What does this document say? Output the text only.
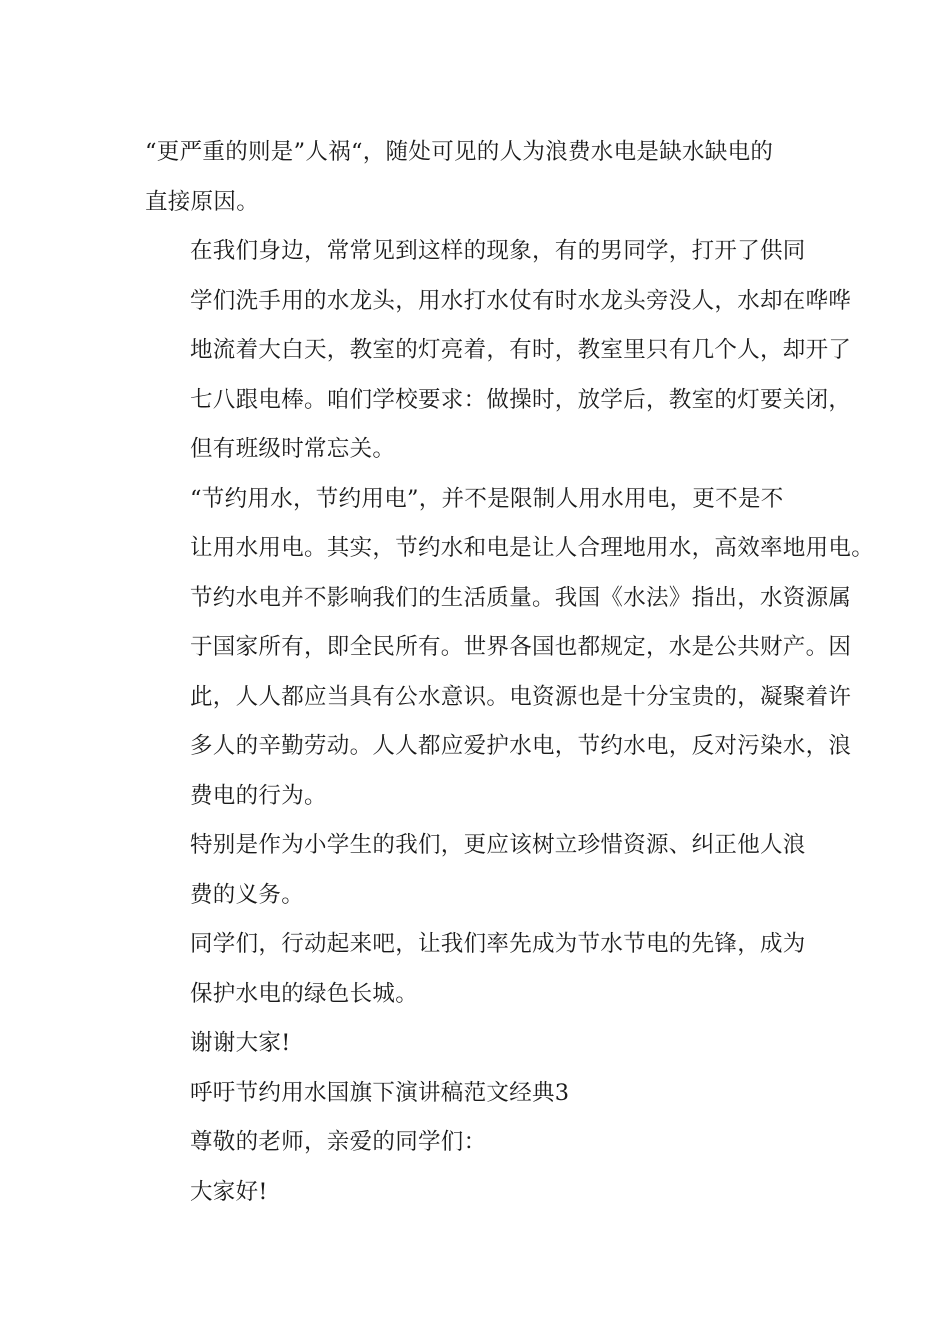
“更严重的则是”人祸“，随处可见的人为浪费水电是缺水缺电的
直接原因。

在我们身边，常常见到这样的现象，有的男同学，打开了供同
学们洗手用的水龙头，用水打水仗有时水龙头旁没人，水却在哗哗
地流着大白天，教室的灯亮着，有时，教室里只有几个人，却开了
七八跟电棒。咱们学校要求：做操时，放学后，教室的灯要关闭，
但有班级时常忘关。

“节约用水，节约用电”，并不是限制人用水用电，更不是不
让用水用电。其实，节约水和电是让人合理地用水，高效率地用电。
节约水电并不影响我们的生活质量。我国《水法》指出，水资源属
于国家所有，即全民所有。世界各国也都规定，水是公共财产。因
此，人人都应当具有公水意识。电资源也是十分宝贵的，凝聚着许
多人的辛勤劳动。人人都应爱护水电，节约水电，反对污染水，浪
费电的行为。

特别是作为小学生的我们，更应该树立珍惜资源、纠正他人浪
费的义务。

同学们，行动起来吧，让我们率先成为节水节电的先锋，成为
保护水电的绿色长城。

谢谢大家!

呼吁节约用水国旗下演讲稿范文经典3

尊敬的老师，亲爱的同学们：

大家好!
